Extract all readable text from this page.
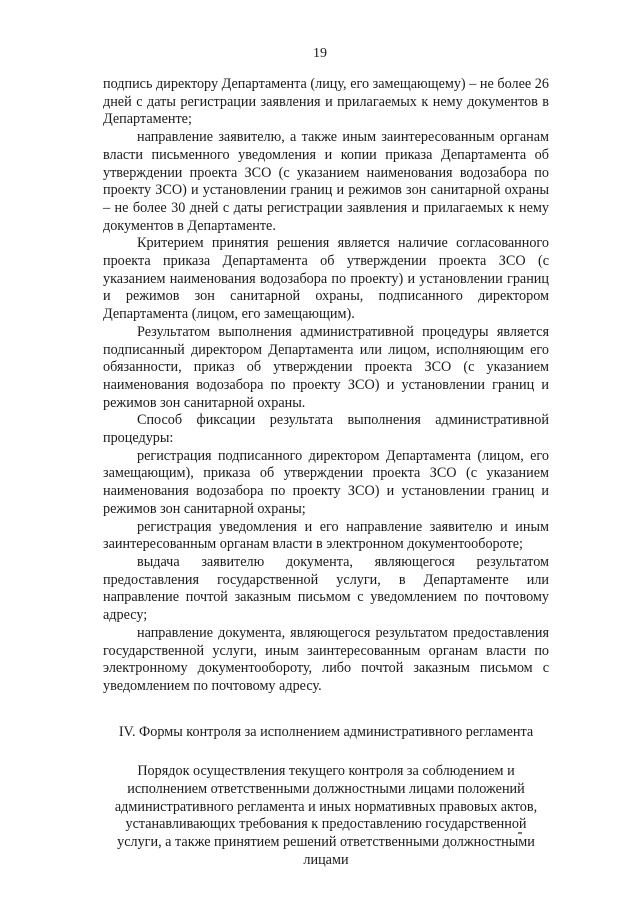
19

подпись директору Департамента (лицу, его замещающему) – не более 26 дней с даты регистрации заявления и прилагаемых к нему документов в Департаменте;

направление заявителю, а также иным заинтересованным органам власти письменного уведомления и копии приказа Департамента об утверждении проекта ЗСО (с указанием наименования водозабора по проекту ЗСО) и установлении границ и режимов зон санитарной охраны – не более 30 дней с даты регистрации заявления и прилагаемых к нему документов в Департаменте.

Критерием принятия решения является наличие согласованного проекта приказа Департамента об утверждении проекта ЗСО (с указанием наименования водозабора по проекту) и установлении границ и режимов зон санитарной охраны, подписанного директором Департамента (лицом, его замещающим).

Результатом выполнения административной процедуры является подписанный директором Департамента или лицом, исполняющим его обязанности, приказ об утверждении проекта ЗСО (с указанием наименования водозабора по проекту ЗСО) и установлении границ и режимов зон санитарной охраны.

Способ фиксации результата выполнения административной процедуры:

регистрация подписанного директором Департамента (лицом, его замещающим), приказа об утверждении проекта ЗСО (с указанием наименования водозабора по проекту ЗСО) и установлении границ и режимов зон санитарной охраны;

регистрация уведомления и его направление заявителю и иным заинтересованным органам власти в электронном документообороте;

выдача заявителю документа, являющегося результатом предоставления государственной услуги, в Департаменте или направление почтой заказным письмом с уведомлением по почтовому адресу;

направление документа, являющегося результатом предоставления государственной услуги, иным заинтересованным органам власти по электронному документообороту, либо почтой заказным письмом с уведомлением по почтовому адресу.

IV. Формы контроля за исполнением административного регламента

Порядок осуществления текущего контроля за соблюдением и исполнением ответственными должностными лицами положений административного регламента и иных нормативных правовых актов, устанавливающих требования к предоставлению государственной услуги, а также принятием решений ответственными должностными лицами
